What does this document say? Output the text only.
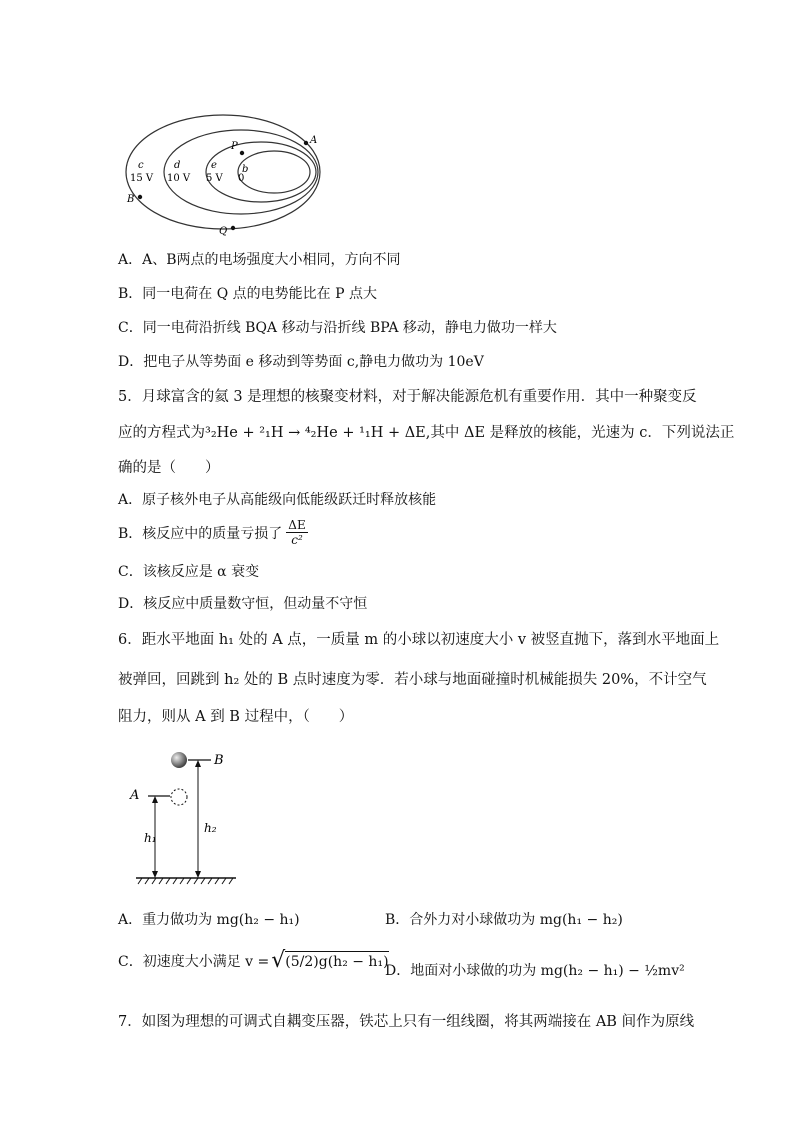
A
B
P
Q
c
15 V
d
10 V
e
5 V
b
0
A．A、B两点的电场强度大小相同，方向不同
B．同一电荷在 Q 点的电势能比在 P 点大
C．同一电荷沿折线 BQA 移动与沿折线 BPA 移动，静电力做功一样大
D．把电子从等势面 e 移动到等势面 c,静电力做功为 10eV
5．月球富含的氦 3 是理想的核聚变材料，对于解决能源危机有重要作用．其中一种聚变反
应的方程式为³₂He + ²₁H → ⁴₂He + ¹₁H + ΔE,其中 ΔE 是释放的核能，光速为 c．下列说法正
确的是（　　）
A．原子核外电子从高能级向低能级跃迁时释放核能
B．核反应中的质量亏损了 $\frac{\Delta E}{\text{c²}}$
C．该核反应是 α 衰变
D．核反应中质量数守恒，但动量不守恒
6．距水平地面 h₁ 处的 A 点，一质量 m 的小球以初速度大小 v 被竖直抛下，落到水平地面上
被弹回，回跳到 h₂ 处的 B 点时速度为零．若小球与地面碰撞时机械能损失 20%，不计空气
阻力，则从 A 到 B 过程中，（　　）
B
A
h₁
h₂
A．重力做功为 mg(h₂ − h₁)	B．合外力对小球做功为 mg(h₁ − h₂)
C．初速度大小满足 v = √ (5/2)g(h₂ − h₁)
D．地面对小球做的功为 mg(h₂ − h₁) − ½mv²
7．如图为理想的可调式自耦变压器，铁芯上只有一组线圈，将其两端接在 AB 间作为原线
